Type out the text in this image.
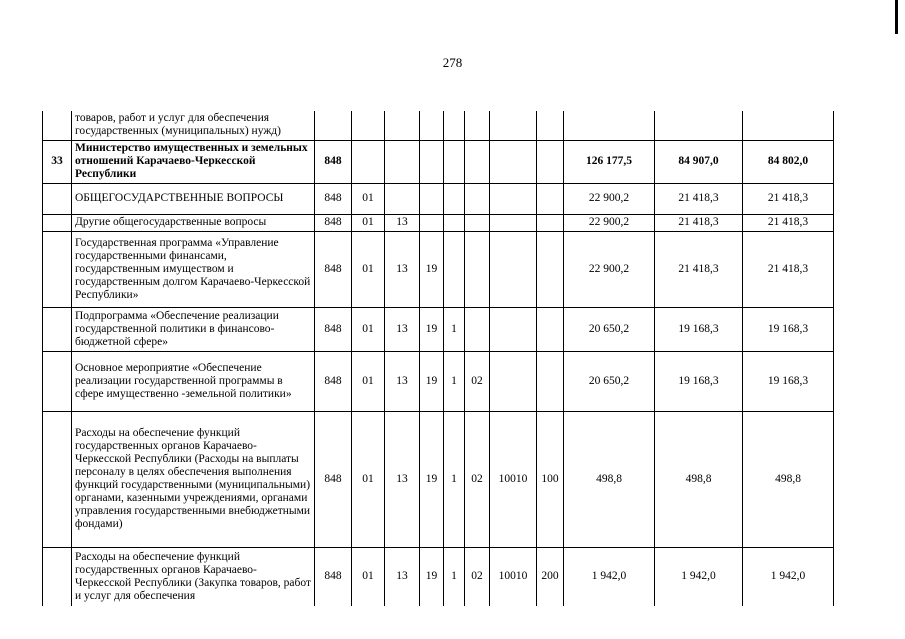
278
	товаров, работ и услуг для обеспечения государственных (муниципальных) нужд)											
33	Министерство имущественных и земельных отношений Карачаево-Черкесской Республики	848								126 177,5	84 907,0	84 802,0
	ОБЩЕГОСУДАРСТВЕННЫЕ ВОПРОСЫ	848	01							22 900,2	21 418,3	21 418,3
	Другие общегосударственные вопросы	848	01	13						22 900,2	21 418,3	21 418,3
	Государственная программа «Управление государственными финансами, государственным имуществом и государственным долгом Карачаево-Черкесской Республики»	848	01	13	19					22 900,2	21 418,3	21 418,3
	Подпрограмма «Обеспечение реализации государственной политики в финансово-бюджетной сфере»	848	01	13	19	1				20 650,2	19 168,3	19 168,3
	Основное мероприятие «Обеспечение реализации государственной программы в сфере имущественно -земельной политики»	848	01	13	19	1	02			20 650,2	19 168,3	19 168,3
	Расходы на обеспечение функций государственных органов Карачаево-Черкесской Республики (Расходы на выплаты персоналу в целях обеспечения выполнения функций государственными (муниципальными) органами, казенными учреждениями, органами управления государственными внебюджетными фондами)	848	01	13	19	1	02	10010	100	498,8	498,8	498,8
	Расходы на обеспечение функций государственных органов Карачаево-Черкесской Республики (Закупка товаров, работ и услуг для обеспечения	848	01	13	19	1	02	10010	200	1 942,0	1 942,0	1 942,0
